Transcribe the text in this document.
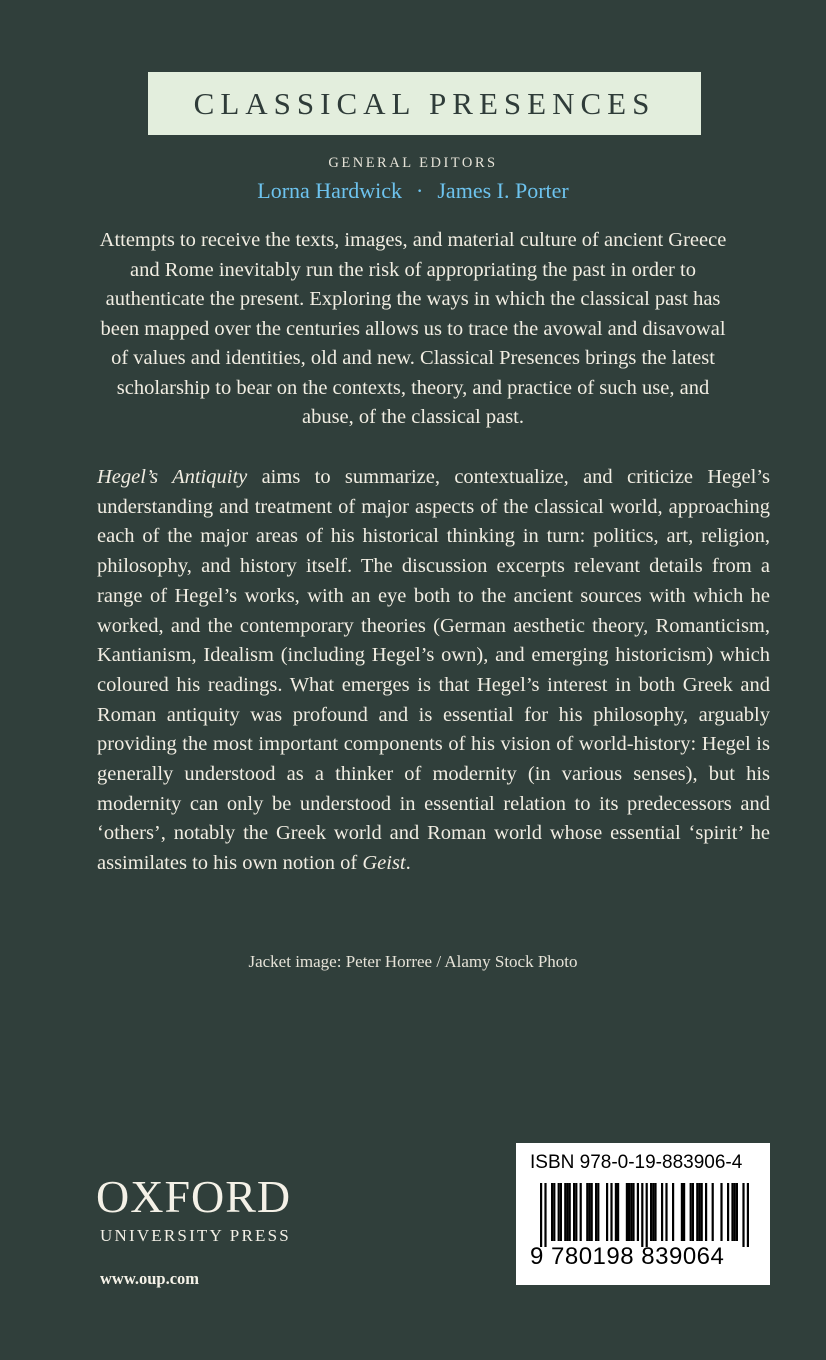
CLASSICAL PRESENCES
GENERAL EDITORS
Lorna Hardwick · James I. Porter

Attempts to receive the texts, images, and material culture of ancient Greece and Rome inevitably run the risk of appropriating the past in order to authenticate the present. Exploring the ways in which the classical past has been mapped over the centuries allows us to trace the avowal and disavowal of values and identities, old and new. Classical Presences brings the latest scholarship to bear on the contexts, theory, and practice of such use, and abuse, of the classical past.

Hegel’s Antiquity aims to summarize, contextualize, and criticize Hegel’s understanding and treatment of major aspects of the classical world, approaching each of the major areas of his historical thinking in turn: politics, art, religion, philosophy, and history itself. The discussion excerpts relevant details from a range of Hegel’s works, with an eye both to the ancient sources with which he worked, and the contemporary theories (German aesthetic theory, Romanticism, Kantianism, Idealism (including Hegel’s own), and emerging historicism) which coloured his readings. What emerges is that Hegel’s interest in both Greek and Roman antiquity was profound and is essential for his philosophy, arguably providing the most important components of his vision of world-history: Hegel is generally understood as a thinker of modernity (in various senses), but his modernity can only be understood in essential relation to its predecessors and ‘others’, notably the Greek world and Roman world whose essential ‘spirit’ he assimilates to his own notion of Geist.

Jacket image: Peter Horree / Alamy Stock Photo
OXFORD
UNIVERSITY PRESS
www.oup.com
ISBN 978-0-19-883906-4
9 780198 839064
